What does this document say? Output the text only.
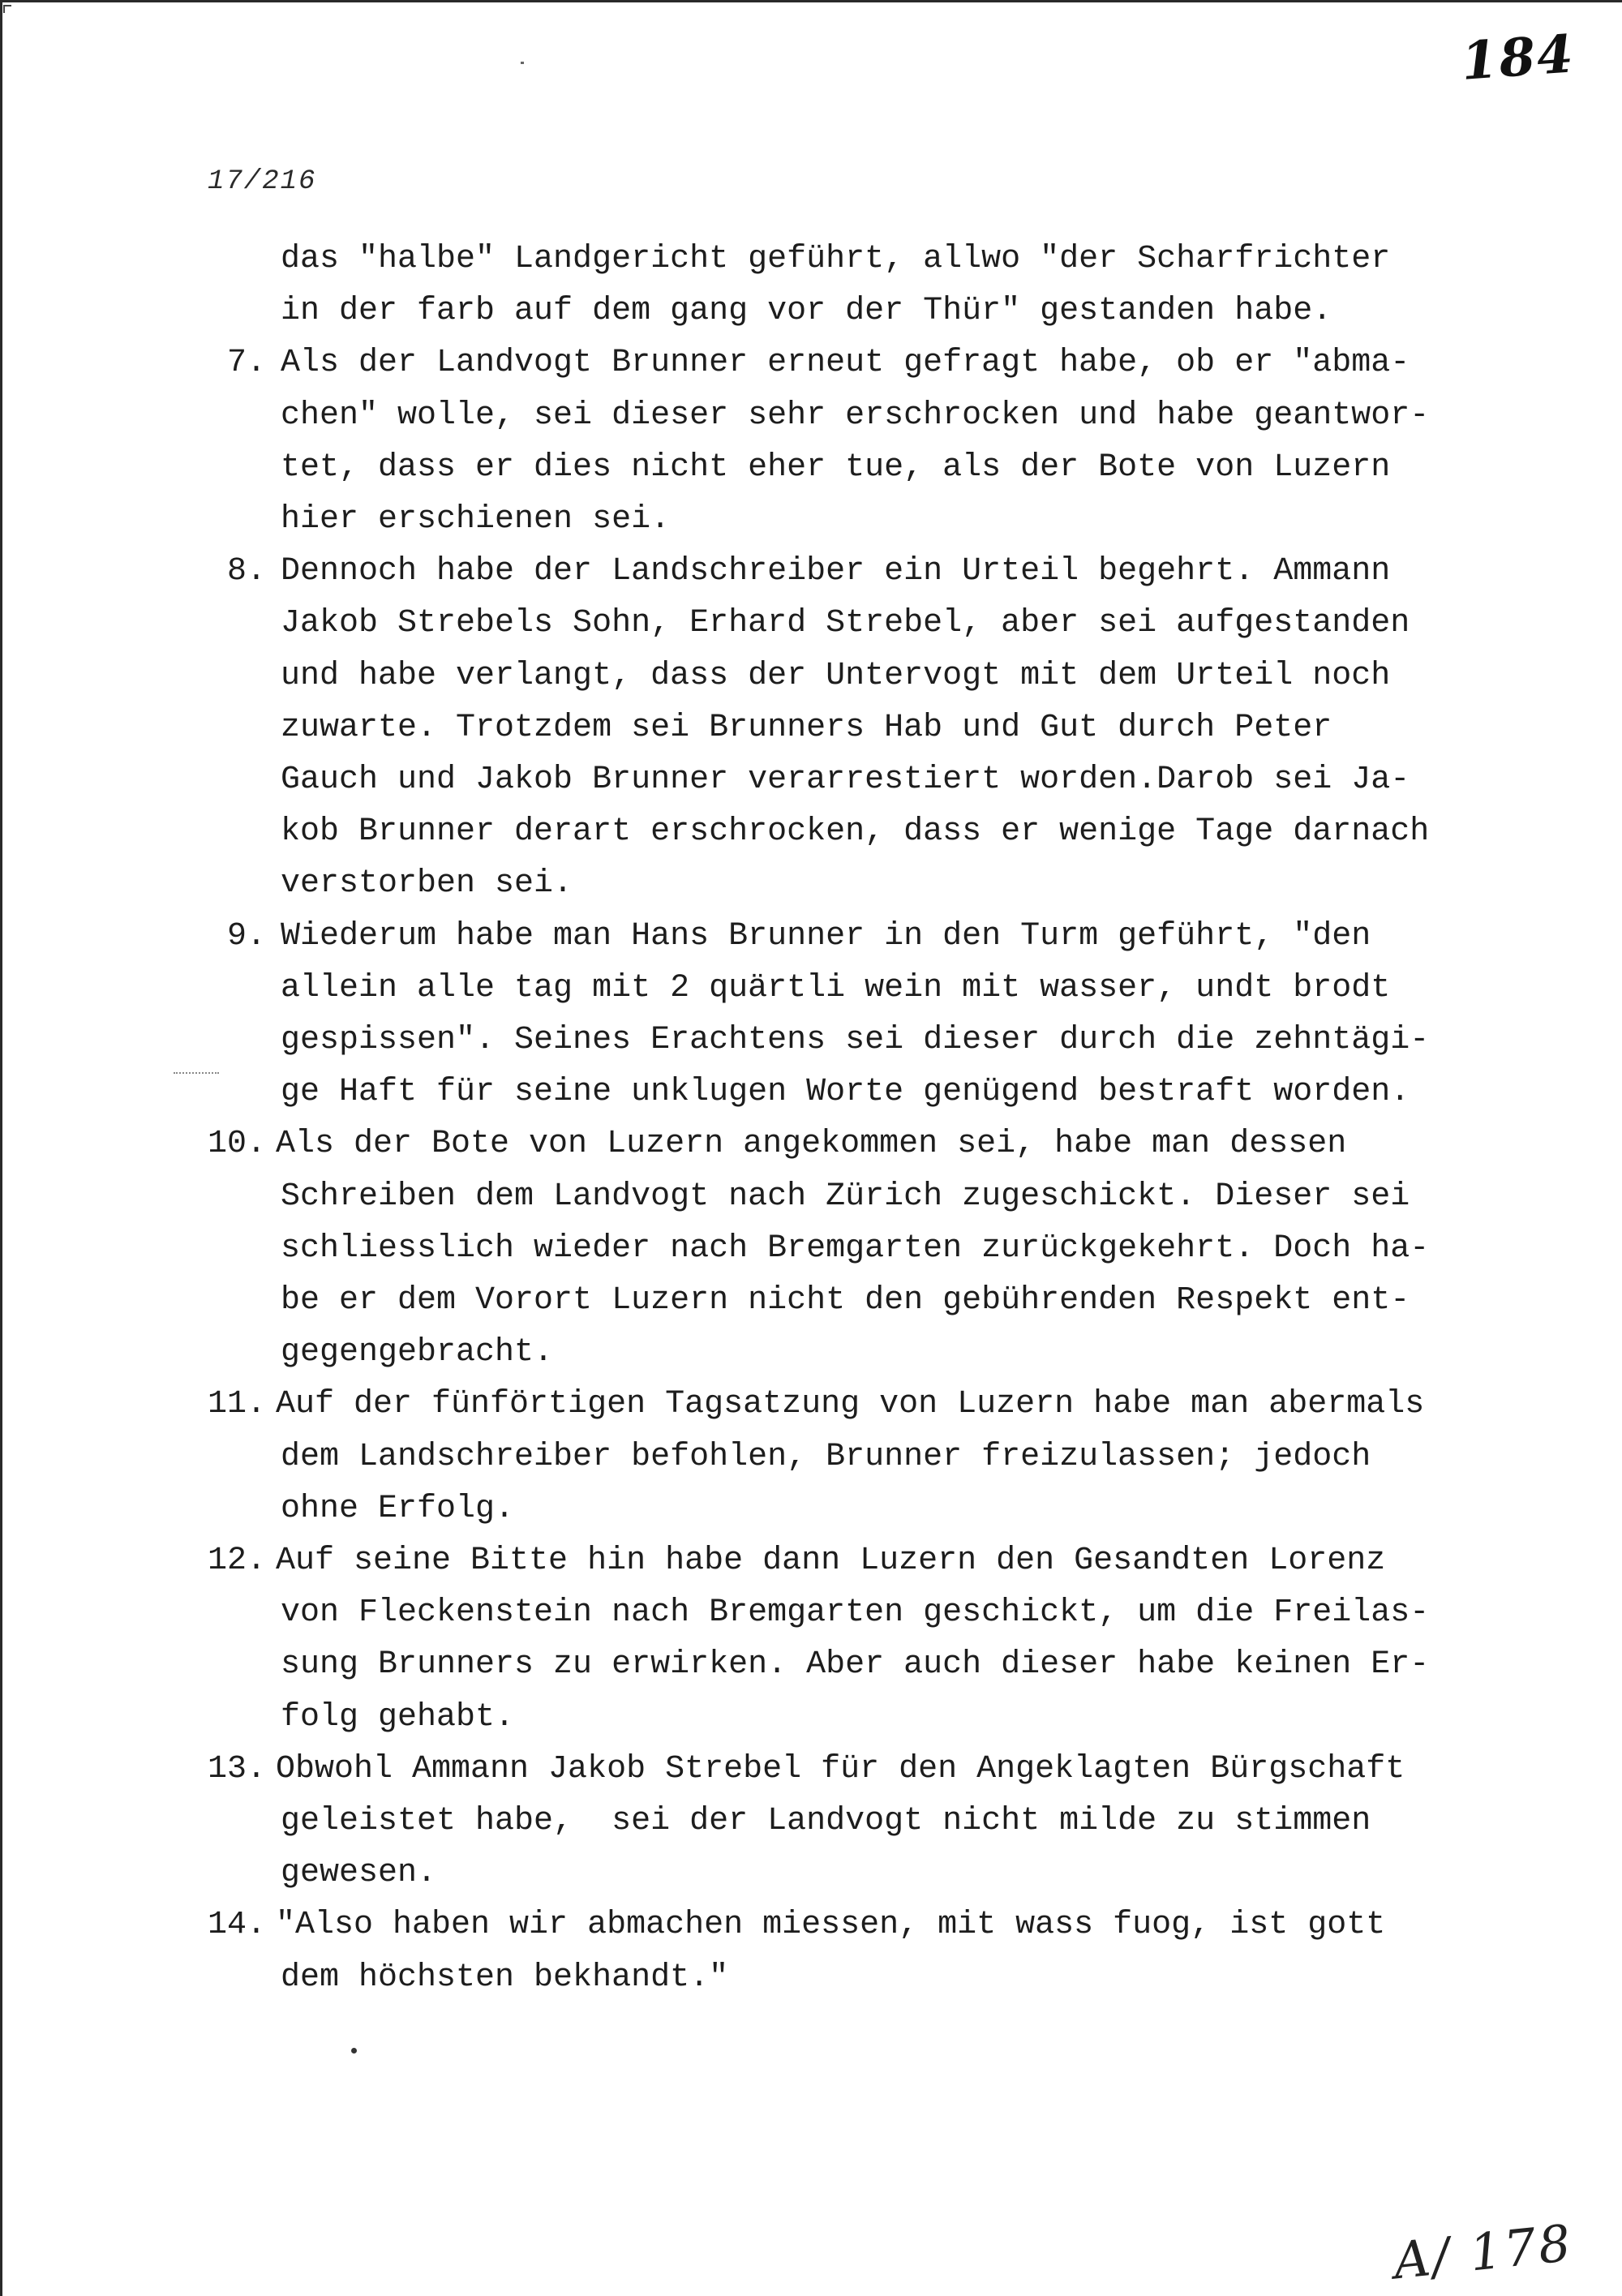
184
17/216
das "halbe" Landgericht geführt, allwo "der Scharfrichter
in der farb auf dem gang vor der Thür" gestanden habe.
7. Als der Landvogt Brunner erneut gefragt habe, ob er "abma-
chen" wolle, sei dieser sehr erschrocken und habe geantwor-
tet, dass er dies nicht eher tue, als der Bote von Luzern
hier erschienen sei.
8. Dennoch habe der Landschreiber ein Urteil begehrt. Ammann
Jakob Strebels Sohn, Erhard Strebel, aber sei aufgestanden
und habe verlangt, dass der Untervogt mit dem Urteil noch
zuwarte. Trotzdem sei Brunners Hab und Gut durch Peter
Gauch und Jakob Brunner verarrestiert worden.Darob sei Ja-
kob Brunner derart erschrocken, dass er wenige Tage darnach
verstorben sei.
9. Wiederum habe man Hans Brunner in den Turm geführt, "den
allein alle tag mit 2 quärtli wein mit wasser, undt brodt
gespissen". Seines Erachtens sei dieser durch die zehntägi-
ge Haft für seine unklugen Worte genügend bestraft worden.
10. Als der Bote von Luzern angekommen sei, habe man dessen
Schreiben dem Landvogt nach Zürich zugeschickt. Dieser sei
schliesslich wieder nach Bremgarten zurückgekehrt. Doch ha-
be er dem Vorort Luzern nicht den gebührenden Respekt ent-
gegengebracht.
11. Auf der fünförtigen Tagsatzung von Luzern habe man abermals
dem Landschreiber befohlen, Brunner freizulassen; jedoch
ohne Erfolg.
12. Auf seine Bitte hin habe dann Luzern den Gesandten Lorenz
von Fleckenstein nach Bremgarten geschickt, um die Freilas-
sung Brunners zu erwirken. Aber auch dieser habe keinen Er-
folg gehabt.
13. Obwohl Ammann Jakob Strebel für den Angeklagten Bürgschaft
geleistet habe,  sei der Landvogt nicht milde zu stimmen
gewesen.
14. "Also haben wir abmachen miessen, mit wass fuog, ist gott
dem höchsten bekhandt."
A/ 178
